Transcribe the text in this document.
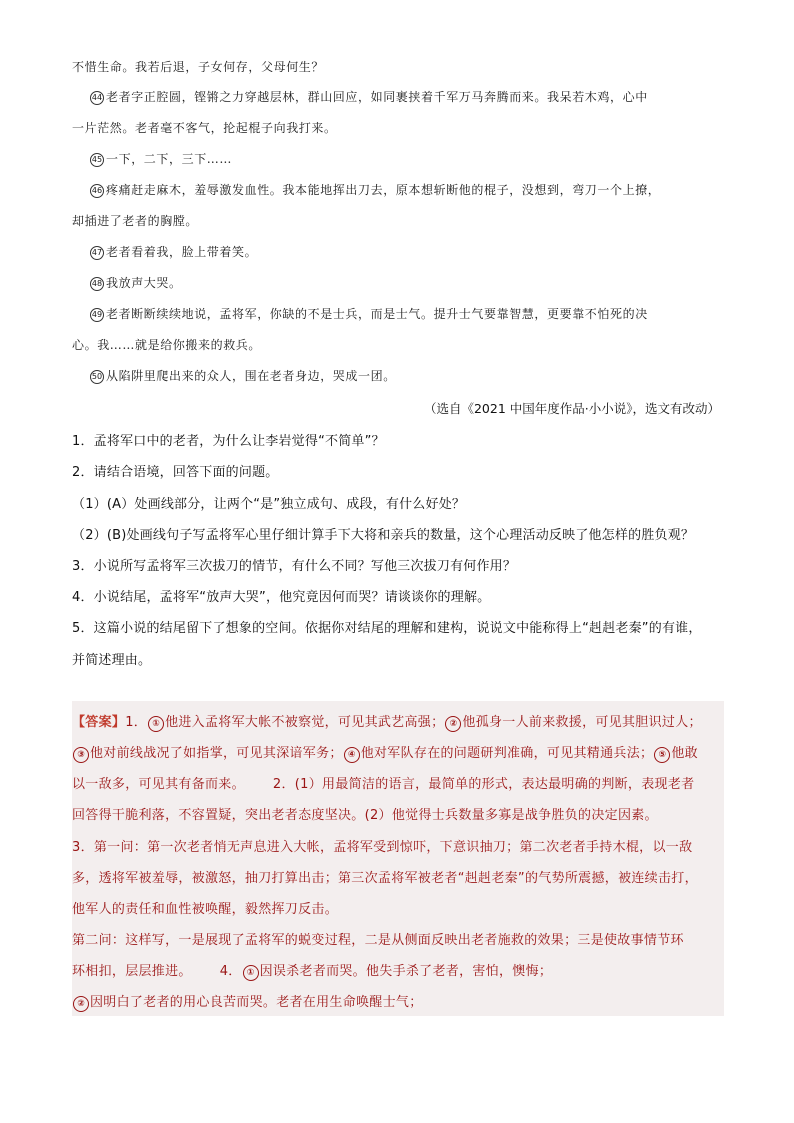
不惜生命。我若后退，子女何存，父母何生？
44 老者字正腔圆，铿锵之力穿越层林，群山回应，如同裹挟着千军万马奔腾而来。我呆若木鸡，心中
一片茫然。老者毫不客气，抡起棍子向我打来。
45 一下，二下，三下……
46 疼痛赶走麻木，羞辱激发血性。我本能地挥出刀去，原本想斩断他的棍子，没想到，弯刀一个上撩，
却插进了老者的胸膛。
47 老者看着我，脸上带着笑。
48 我放声大哭。
49 老者断断续续地说，孟将军，你缺的不是士兵，而是士气。提升士气要靠智慧，更要靠不怕死的决
心。我……就是给你搬来的救兵。
50 从陷阱里爬出来的众人，围在老者身边，哭成一团。
（选自《2021 中国年度作品·小小说》，选文有改动）
1．孟将军口中的老者，为什么让李岩觉得“不简单”？
2．请结合语境，回答下面的问题。
（1）(A）处画线部分，让两个“是”独立成句、成段，有什么好处？
（2）(B)处画线句子写孟将军心里仔细计算手下大将和亲兵的数量，这个心理活动反映了他怎样的胜负观？
3．小说所写孟将军三次拔刀的情节，有什么不同？写他三次拔刀有何作用？
4．小说结尾，孟将军“放声大哭”，他究竟因何而哭？请谈谈你的理解。
5．这篇小说的结尾留下了想象的空间。依据你对结尾的理解和建构，说说文中能称得上“赳赳老秦”的有谁，
并简述理由。
【答案】1． ① 他进入孟将军大帐不被察觉，可见其武艺高强； ② 他孤身一人前来救援，可见其胆识过人；
③ 他对前线战况了如指掌，可见其深谙军务； ④ 他对军队存在的问题研判准确，可见其精通兵法； ⑤ 他敢
以一敌多，可见其有备而来。 2．(1）用最简洁的语言，最简单的形式，表达最明确的判断，表现老者
回答得干脆利落，不容置疑，突出老者态度坚决。(2）他觉得士兵数量多寡是战争胜负的决定因素。
3．第一问：第一次老者悄无声息进入大帐，孟将军受到惊吓，下意识抽刀；第二次老者手持木棍，以一敌
多，透将军被羞辱，被激怒，抽刀打算出击；第三次孟将军被老者“赳赳老秦”的气势所震撼，被连续击打，
他军人的责任和血性被唤醒，毅然挥刀反击。
第二问：这样写，一是展现了孟将军的蜕变过程，二是从侧面反映出老者施救的效果；三是使故事情节环
环相扣，层层推进。 4． ① 因误杀老者而哭。他失手杀了老者，害怕，懊悔；
② 因明白了老者的用心良苦而哭。老者在用生命唤醒士气；
